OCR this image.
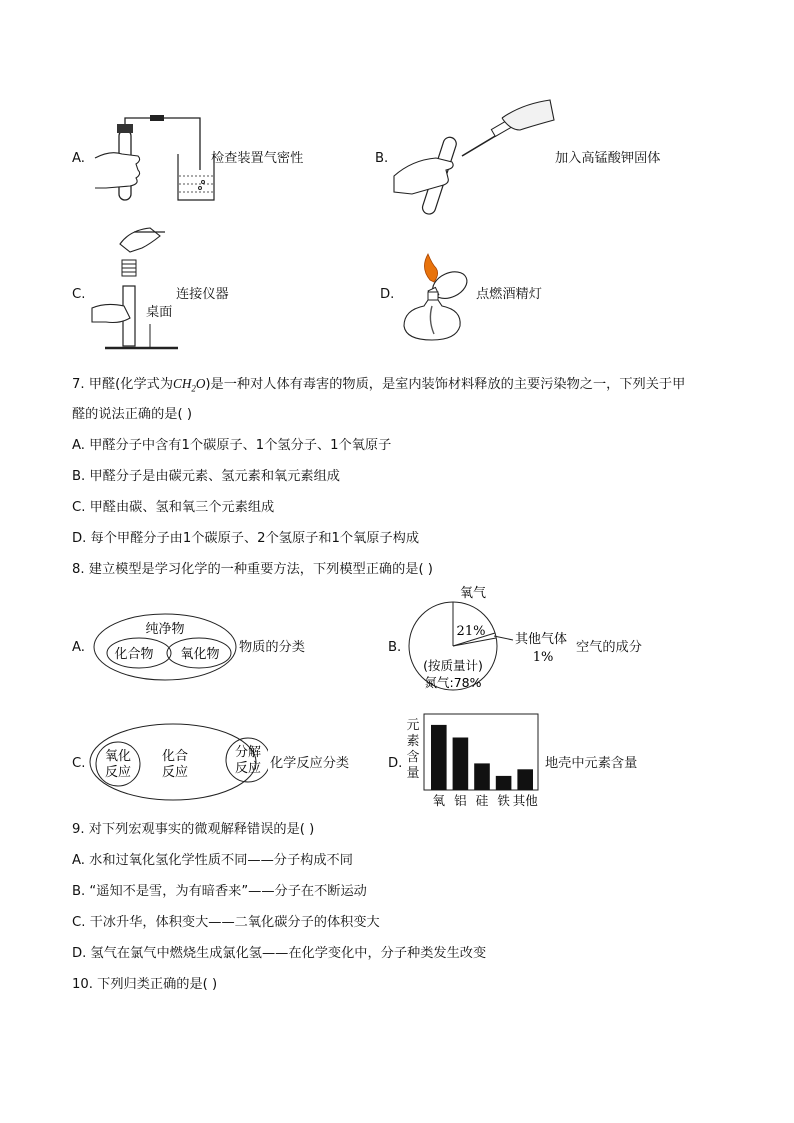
A.	检查装置气密性	B.	加入高锰酸钾固体
C.	连接仪器
桌面
D.	点燃酒精灯
7. 甲醛(化学式为$CH_2O$)是一种对人体有毒害的物质，是室内装饰材料释放的主要污染物之一，下列关于甲
醛的说法正确的是( )
A. 甲醛分子中含有1个碳原子、1个氢分子、1个氧原子
B. 甲醛分子是由碳元素、氢元素和氧元素组成
C. 甲醛由碳、氢和氧三个元素组成
D. 每个甲醛分子由1个碳原子、2个氢原子和1个氧原子构成
8. 建立模型是学习化学的一种重要方法，下列模型正确的是( )
A.
纯净物
化合物 氧化物 物质的分类	B.
氧气
21%
其他气体
1%
(按质量计)
氮气:78%
空气的成分
C. 氧化
反应
化合
反应
分解
反应 化学反应分类	D.
元
素
含
量
氧 铝 硅 铁 其他
地壳中元素含量
9. 对下列宏观事实的微观解释错误的是( )
A. 水和过氧化氢化学性质不同——分子构成不同
B. “遥知不是雪，为有暗香来”——分子在不断运动
C. 干冰升华，体积变大——二氧化碳分子的体积变大
D. 氢气在氯气中燃烧生成氯化氢——在化学变化中，分子种类发生改变
10. 下列归类正确的是( )
